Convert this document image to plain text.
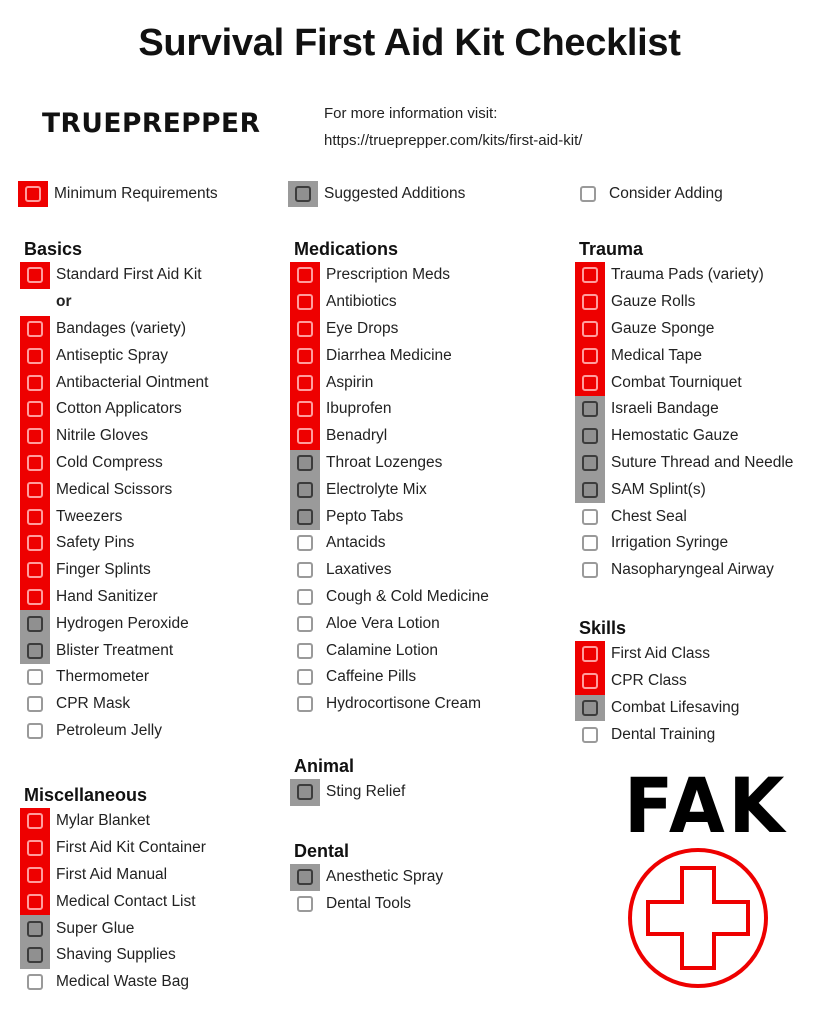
Survival First Aid Kit Checklist
TRUEPREPPER	For more information visit:
https://trueprepper.com/kits/first-aid-kit/
Minimum Requirements	Suggested Additions	Consider Adding
Basics
Standard First Aid Kit
or
Bandages (variety)
Antiseptic Spray
Antibacterial Ointment
Cotton Applicators
Nitrile Gloves
Cold Compress
Medical Scissors
Tweezers
Safety Pins
Finger Splints
Hand Sanitizer
Hydrogen Peroxide
Blister Treatment
Thermometer
CPR Mask
Petroleum Jelly
Medications
Prescription Meds
Antibiotics
Eye Drops
Diarrhea Medicine
Aspirin
Ibuprofen
Benadryl
Throat Lozenges
Electrolyte Mix
Pepto Tabs
Antacids
Laxatives
Cough & Cold Medicine
Aloe Vera Lotion
Calamine Lotion
Caffeine Pills
Hydrocortisone Cream
Trauma
Trauma Pads (variety)
Gauze Rolls
Gauze Sponge
Medical Tape
Combat Tourniquet
Israeli Bandage
Hemostatic Gauze
Suture Thread and Needle
SAM Splint(s)
Chest Seal
Irrigation Syringe
Nasopharyngeal Airway
Skills
First Aid Class
CPR Class
Combat Lifesaving
Dental Training
Miscellaneous
Mylar Blanket
First Aid Kit Container
First Aid Manual
Medical Contact List
Super Glue
Shaving Supplies
Medical Waste Bag
Animal
Sting Relief
Dental
Anesthetic Spray
Dental Tools
FAK
